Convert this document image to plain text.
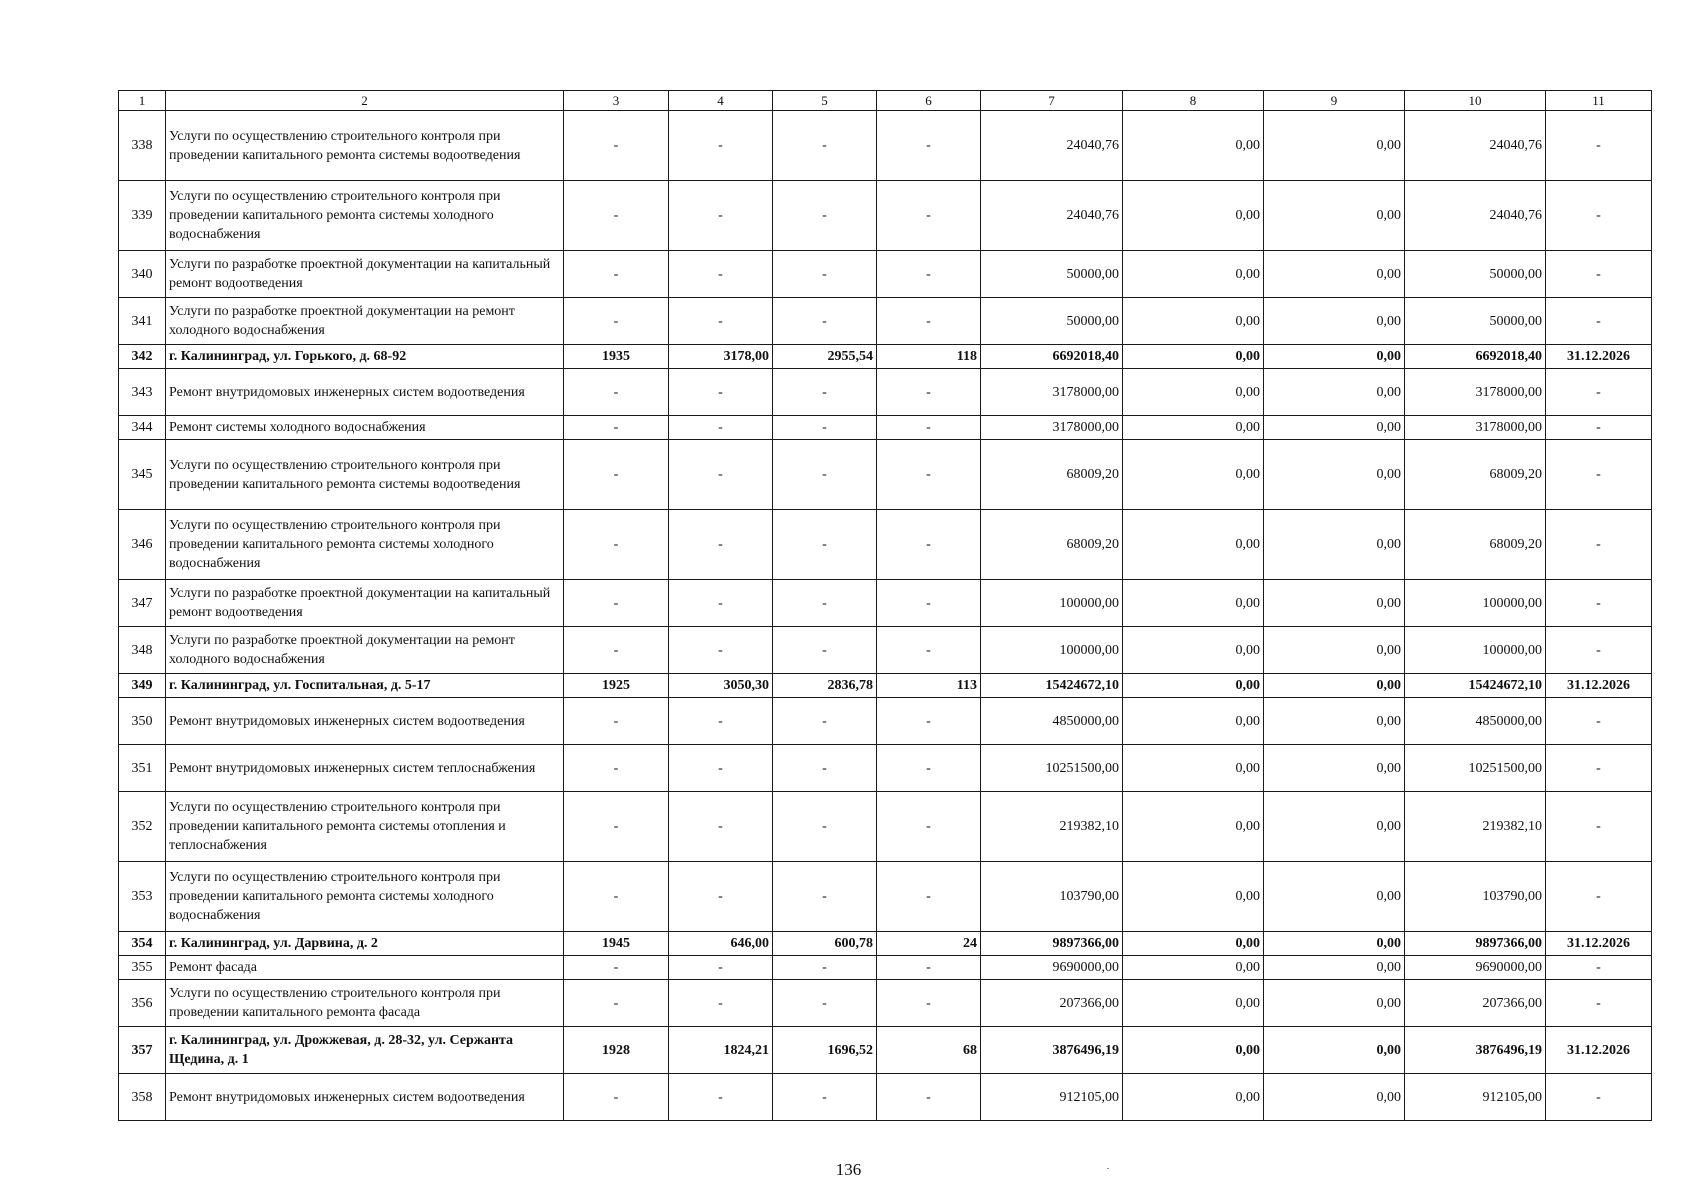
1	2	3	4	5	6	7	8	9	10	11
338	Услуги по осуществлению строительного контроля при проведении капитального ремонта системы водоотведения	-	-	-	-	24040,76	0,00	0,00	24040,76	-
339	Услуги по осуществлению строительного контроля при проведении капитального ремонта системы холодного водоснабжения	-	-	-	-	24040,76	0,00	0,00	24040,76	-
340	Услуги по разработке проектной документации на капитальный ремонт водоотведения	-	-	-	-	50000,00	0,00	0,00	50000,00	-
341	Услуги по разработке проектной документации на ремонт холодного водоснабжения	-	-	-	-	50000,00	0,00	0,00	50000,00	-
342	г. Калининград, ул. Горького, д. 68-92	1935	3178,00	2955,54	118	6692018,40	0,00	0,00	6692018,40	31.12.2026
343	Ремонт внутридомовых инженерных систем водоотведения	-	-	-	-	3178000,00	0,00	0,00	3178000,00	-
344	Ремонт системы холодного водоснабжения	-	-	-	-	3178000,00	0,00	0,00	3178000,00	-
345	Услуги по осуществлению строительного контроля при проведении капитального ремонта системы водоотведения	-	-	-	-	68009,20	0,00	0,00	68009,20	-
346	Услуги по осуществлению строительного контроля при проведении капитального ремонта системы холодного водоснабжения	-	-	-	-	68009,20	0,00	0,00	68009,20	-
347	Услуги по разработке проектной документации на капитальный ремонт водоотведения	-	-	-	-	100000,00	0,00	0,00	100000,00	-
348	Услуги по разработке проектной документации на ремонт холодного водоснабжения	-	-	-	-	100000,00	0,00	0,00	100000,00	-
349	г. Калининград, ул. Госпитальная, д. 5-17	1925	3050,30	2836,78	113	15424672,10	0,00	0,00	15424672,10	31.12.2026
350	Ремонт внутридомовых инженерных систем водоотведения	-	-	-	-	4850000,00	0,00	0,00	4850000,00	-
351	Ремонт внутридомовых инженерных систем теплоснабжения	-	-	-	-	10251500,00	0,00	0,00	10251500,00	-
352	Услуги по осуществлению строительного контроля при проведении капитального ремонта системы отопления и теплоснабжения	-	-	-	-	219382,10	0,00	0,00	219382,10	-
353	Услуги по осуществлению строительного контроля при проведении капитального ремонта системы холодного водоснабжения	-	-	-	-	103790,00	0,00	0,00	103790,00	-
354	г. Калининград, ул. Дарвина, д. 2	1945	646,00	600,78	24	9897366,00	0,00	0,00	9897366,00	31.12.2026
355	Ремонт фасада	-	-	-	-	9690000,00	0,00	0,00	9690000,00	-
356	Услуги по осуществлению строительного контроля при проведении капитального ремонта фасада	-	-	-	-	207366,00	0,00	0,00	207366,00	-
357	г. Калининград, ул. Дрожжевая, д. 28-32, ул. Сержанта Щедина, д. 1	1928	1824,21	1696,52	68	3876496,19	0,00	0,00	3876496,19	31.12.2026
358	Ремонт внутридомовых инженерных систем водоотведения	-	-	-	-	912105,00	0,00	0,00	912105,00	-
136
